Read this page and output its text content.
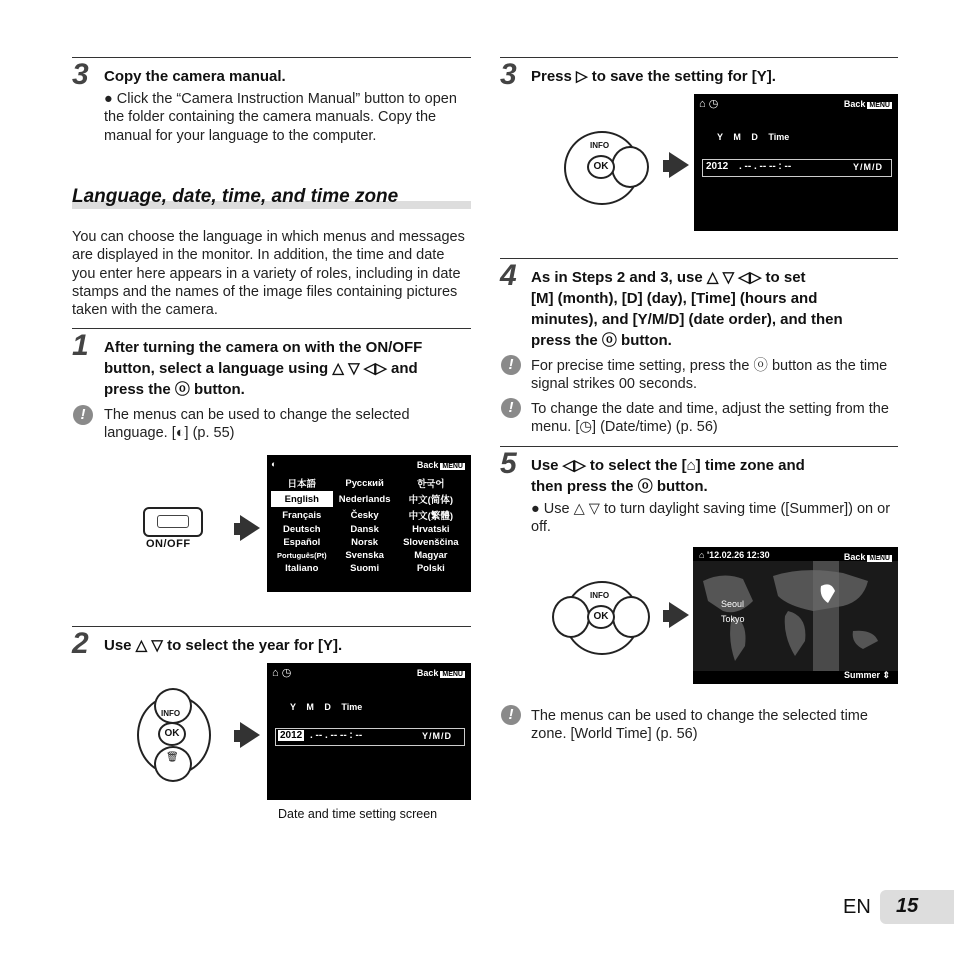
3 Copy the camera manual.
● Click the “Camera Instruction Manual” button to open the folder containing the camera manuals. Copy the manual for your language to the computer.
Language, date, time, and time zone
You can choose the language in which menus and messages are displayed in the monitor. In addition, the time and date you enter here appears in a variety of roles, including in date stamps and the names of the image files containing pictures taken with the camera.
1 After turning the camera on with the ON/OFF
button, select a language using △ ▽ ◁▷ and
press the ⓞ button.
!	The menus can be used to change the selected language. [◐] (p. 55)
ON/OFF
◐	Back MENU
日本語	Русский	한국어
English	Nederlands	中文(简体)
Français	Česky	中文(繁體)
Deutsch	Dansk	Hrvatski
Español	Norsk	Slovenščina
Português(Pt)	Svenska	Magyar
Italiano	Suomi	Polski
2 Use △ ▽ to select the year for [Y].
INFO
OK
🗑
⌂ ◷	Back MENU
Y M D Time
2012 . -- . -- -- : --	Y/M/D
Date and time setting screen
3 Press ▷ to save the setting for [Y].
INFO
OK
⌂ ◷	Back MENU
Y M D Time
2012 . -- . -- -- : --	Y/M/D
4 As in Steps 2 and 3, use △ ▽ ◁▷ to set
[M] (month), [D] (day), [Time] (hours and
minutes), and [Y/M/D] (date order), and then
press the ⓞ button.
!	For precise time setting, press the ⓞ button as the time signal strikes 00 seconds.
!	To change the date and time, adjust the setting from the menu. [◷] (Date/time) (p. 56)
5 Use ◁▷ to select the [⌂] time zone and
then press the ⓞ button.
● Use △ ▽ to turn daylight saving time ([Summer]) on or off.
INFO
OK
⌂ '12.02.26 12:30	Back MENU
Seoul
Tokyo
Summer ⇕
!	The menus can be used to change the selected time zone. [World Time] (p. 56)
EN 15
